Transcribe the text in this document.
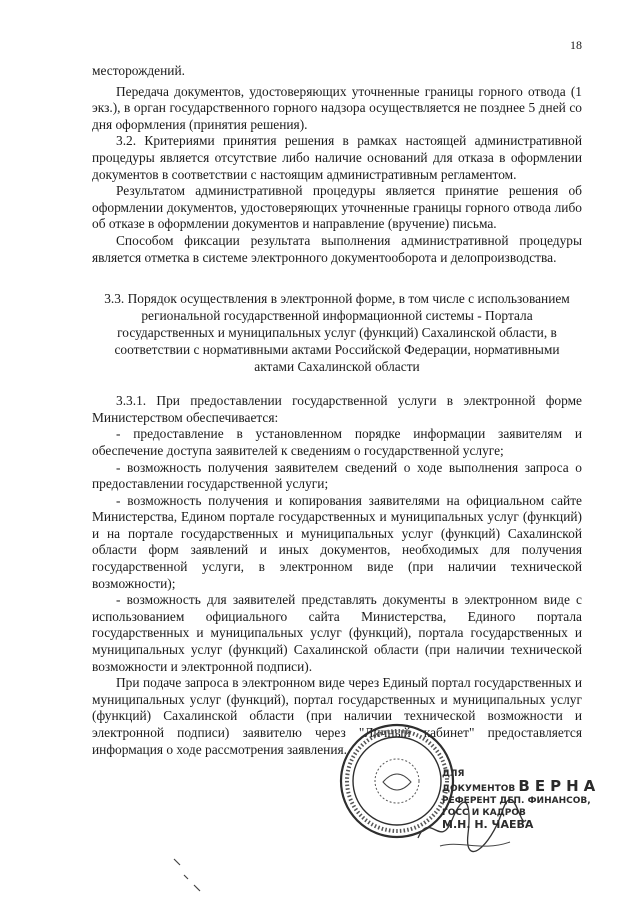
18

месторождений.

Передача документов, удостоверяющих уточненные границы горного отвода (1 экз.), в орган государственного горного надзора осуществляется не позднее 5 дней со дня оформления (принятия решения).

3.2. Критериями принятия решения в рамках настоящей административной процедуры является отсутствие либо наличие оснований для отказа в оформлении документов в соответствии с настоящим административным регламентом.

Результатом административной процедуры является принятие решения об оформлении документов, удостоверяющих уточненные границы горного отвода либо об отказе в оформлении документов и направление (вручение) письма.

Способом фиксации результата выполнения административной процедуры является отметка в системе электронного документооборота и делопроизводства.

3.3. Порядок осуществления в электронной форме, в том числе с использованием региональной государственной информационной системы - Портала государственных и муниципальных услуг (функций) Сахалинской области, в соответствии с нормативными актами Российской Федерации, нормативными актами Сахалинской области

3.3.1. При предоставлении государственной услуги в электронной форме Министерством обеспечивается:

- предоставление в установленном порядке информации заявителям и обеспечение доступа заявителей к сведениям о государственной услуге;

- возможность получения заявителем сведений о ходе выполнения запроса о предоставлении государственной услуги;

- возможность получения и копирования заявителями на официальном сайте Министерства, Едином портале государственных и муниципальных услуг (функций) и на портале государственных и муниципальных услуг (функций) Сахалинской области форм заявлений и иных документов, необходимых для получения государственной услуги, в электронном виде (при наличии технической возможности);

- возможность для заявителей представлять документы в электронном виде с использованием официального сайта Министерства, Единого портала государственных и муниципальных услуг (функций), портала государственных и муниципальных услуг (функций) Сахалинской области (при наличии технической возможности и электронной подписи).

При подаче запроса в электронном виде через Единый портал государственных и муниципальных услуг (функций), портал государственных и муниципальных услуг (функций) Сахалинской области (при наличии технической возможности и электронной подписи) заявителю через "Личный кабинет" предоставляется информация о ходе рассмотрения заявления.

ДЛЯ
ДОКУМЕНТОВ ВЕРНА
РЕФЕРЕНТ ДЕП. ФИНАНСОВ,
ГОСС И КАДРОВ
М.Н. Н. ЧАЕВА
